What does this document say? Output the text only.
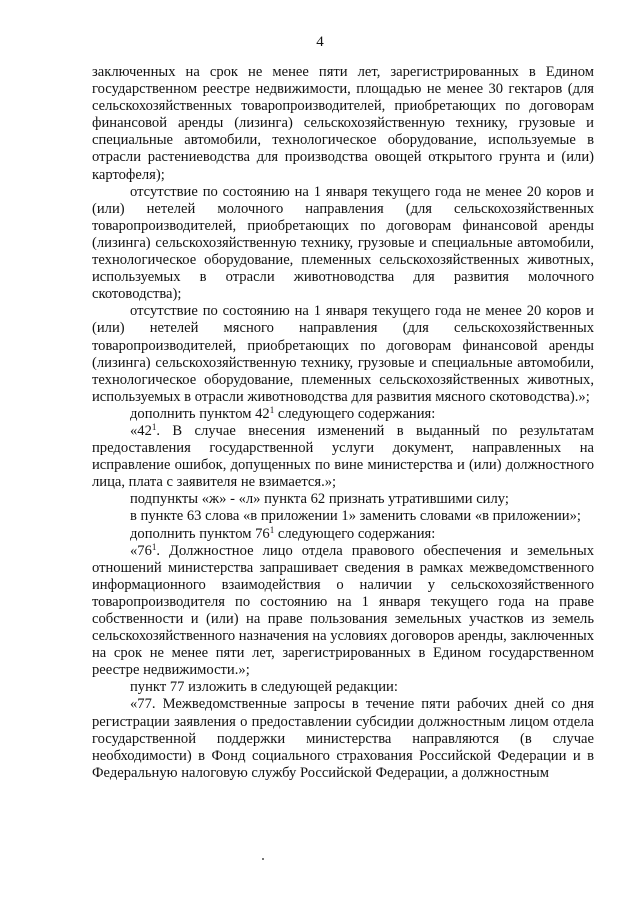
4

заключенных на срок не менее пяти лет, зарегистрированных в Едином государственном реестре недвижимости, площадью не менее 30 гектаров (для сельскохозяйственных товаропроизводителей, приобретающих по договорам финансовой аренды (лизинга) сельскохозяйственную технику, грузовые и специальные автомобили, технологическое оборудование, используемые в отрасли растениеводства для производства овощей открытого грунта и (или) картофеля);

отсутствие по состоянию на 1 января текущего года не менее 20 коров и (или) нетелей молочного направления (для сельскохозяйственных товаропроизводителей, приобретающих по договорам финансовой аренды (лизинга) сельскохозяйственную технику, грузовые и специальные автомобили, технологическое оборудование, племенных сельскохозяйственных животных, используемых в отрасли животноводства для развития молочного скотоводства);

отсутствие по состоянию на 1 января текущего года не менее 20 коров и (или) нетелей мясного направления (для сельскохозяйственных товаропроизводителей, приобретающих по договорам финансовой аренды (лизинга) сельскохозяйственную технику, грузовые и специальные автомобили, технологическое оборудование, племенных сельскохозяйственных животных, используемых в отрасли животноводства для развития мясного скотоводства).»;

дополнить пунктом $42^1$ следующего содержания:

«$42^1$. В случае внесения изменений в выданный по результатам предоставления государственной услуги документ, направленных на исправление ошибок, допущенных по вине министерства и (или) должностного лица, плата с заявителя не взимается.»;

подпункты «ж» - «л» пункта 62 признать утратившими силу;

в пункте 63 слова «в приложении 1» заменить словами «в приложении»;

дополнить пунктом $76^1$ следующего содержания:

«$76^1$. Должностное лицо отдела правового обеспечения и земельных отношений министерства запрашивает сведения в рамках межведомственного информационного взаимодействия о наличии у сельскохозяйственного товаропроизводителя по состоянию на 1 января текущего года на праве собственности и (или) на праве пользования земельных участков из земель сельскохозяйственного назначения на условиях договоров аренды, заключенных на срок не менее пяти лет, зарегистрированных в Едином государственном реестре недвижимости.»;

пункт 77 изложить в следующей редакции:

«77. Межведомственные запросы в течение пяти рабочих дней со дня регистрации заявления о предоставлении субсидии должностным лицом отдела государственной поддержки министерства направляются (в случае необходимости) в Фонд социального страхования Российской Федерации и в Федеральную налоговую службу Российской Федерации, а должностным
